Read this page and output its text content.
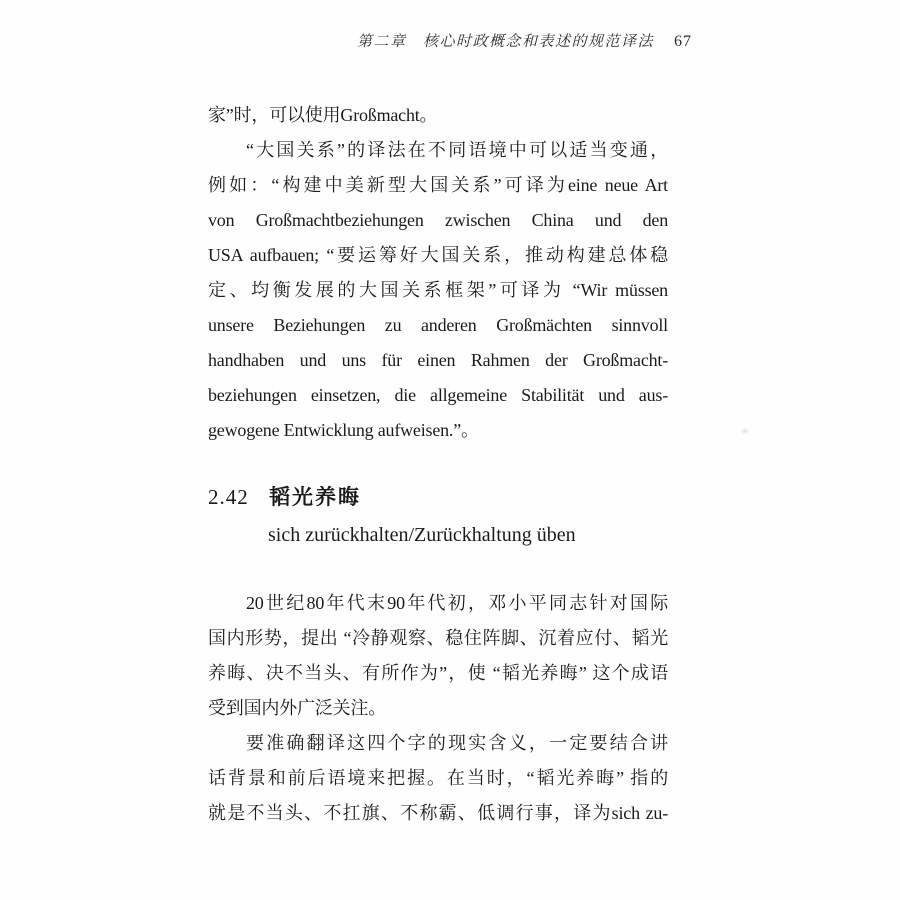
第二章　核心时政概念和表述的规范译法 67
家”时，可以使用Großmacht。
“大国关系”的译法在不同语境中可以适当变通，
例如：“构建中美新型大国关系”可译为eine neue Art
von Großmachtbeziehungen zwischen China und den
USA aufbauen; “要运筹好大国关系，推动构建总体稳
定、均衡发展的大国关系框架”可译为 “Wir müssen
unsere Beziehungen zu anderen Großmächten sinnvoll
handhaben und uns für einen Rahmen der Großmacht-
beziehungen einsetzen, die allgemeine Stabilität und aus-
gewogene Entwicklung aufweisen.”。
2.42 韬光养晦
sich zurückhalten/Zurückhaltung üben
20世纪80年代末90年代初，邓小平同志针对国际
国内形势，提出 “冷静观察、稳住阵脚、沉着应付、韬光
养晦、决不当头、有所作为”，使 “韬光养晦” 这个成语
受到国内外广泛关注。
要准确翻译这四个字的现实含义，一定要结合讲
话背景和前后语境来把握。在当时，“韬光养晦” 指的
就是不当头、不扛旗、不称霸、低调行事，译为sich zu-
